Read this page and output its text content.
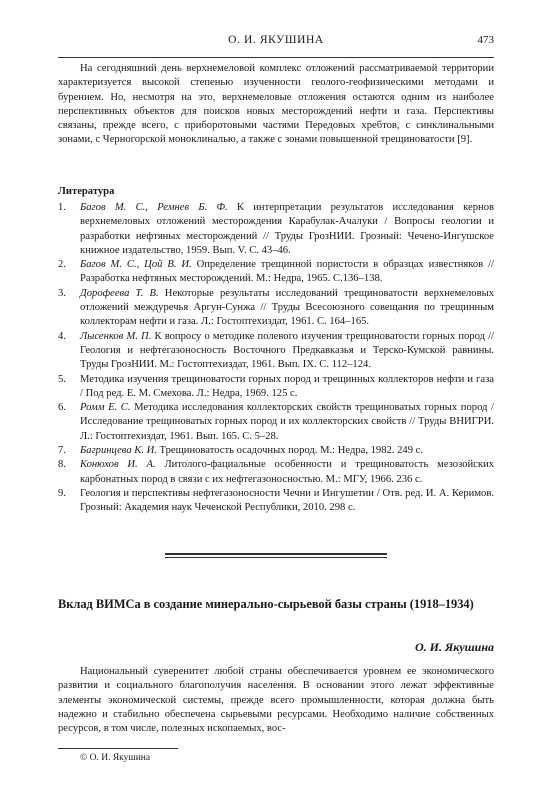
О. И. ЯКУШИНА	473

На сегодняшний день верхнемеловой комплекс отложений рассматриваемой территории характеризуется высокой степенью изученности геолого-геофизическими методами и бурением. Но, несмотря на это, верхнемеловые отложения остаются одним из наиболее перспективных объектов для поисков новых месторождений нефти и газа. Перспективы связаны, прежде всего, с приборотовыми частями Передовых хребтов, с синклинальными зонами, с Черногорской моноклиналью, а также с зонами повышенной трещиноватости [9].

Литература
1.	Багов М. С., Ремнев Б. Ф. К интерпретации результатов исследования кернов верхнемеловых отложений месторождения Карабулак-Ачалуки / Вопросы геологии и разработки нефтяных месторождений // Труды ГрозНИИ. Грозный: Чечено-Ингушское книжное издательство, 1959. Вып. V. С. 43–46.
2.	Багов М. С., Цой В. И. Определение трещинной пористости в образцах известняков // Разработка нефтяных месторождений. М.: Недра, 1965. С.136–138.
3.	Дорофеева Т. В. Некоторые результаты исследований трещиноватости верхнемеловых отложений междуречья Аргун-Сунжа // Труды Всесоюзного совещания по трещинным коллекторам нефти и газа. Л.: Гостоптехиздат, 1961. С. 164–165.
4.	Лысенков М. П. К вопросу о методике полевого изучения трещиноватости горных пород // Геология и нефтегазоносность Восточного Предкавказья и Терско-Кумской равнины. Труды ГрозНИИ. М.: Гостоптехиздат, 1961. Вып. IX. С. 112–124.
5.	Методика изучения трещиноватости горных пород и трещинных коллекторов нефти и газа / Под ред. Е. М. Смехова. Л.: Недра, 1969. 125 с.
6.	Ромм Е. С. Методика исследования коллекторских свойств трещиноватых горных пород / Исследование трещиноватых горных пород и их коллекторских свойств // Труды ВНИГРИ. Л.: Гостоптехиздат, 1961. Вып. 165. С. 5–28.
7.	Багринцева К. И. Трещиноватость осадочных пород. М.: Недра, 1982. 249 с.
8.	Конюхов И. А. Литолого-фациальные особенности и трещиноватость мезозойских карбонатных пород в связи с их нефтегазоносностью. М.: МГУ, 1966. 236 с.
9.	Геология и перспективы нефтегазоносности Чечни и Ингушетии / Отв. ред. И. А. Керимов. Грозный: Академия наук Чеченской Республики, 2010. 298 с.
Вклад ВИМСа в создание минерально-сырьевой базы страны (1918–1934)
О. И. Якушина

Национальный суверенитет любой страны обеспечивается уровнем ее экономического развития и социального благополучия населения. В основании этого лежат эффективные элементы экономической системы, прежде всего промышленности, которая должна быть надежно и стабильно обеспечена сырьевыми ресурсами. Необходимо наличие собственных ресурсов, в том числе, полезных ископаемых, вос-

© О. И. Якушина
